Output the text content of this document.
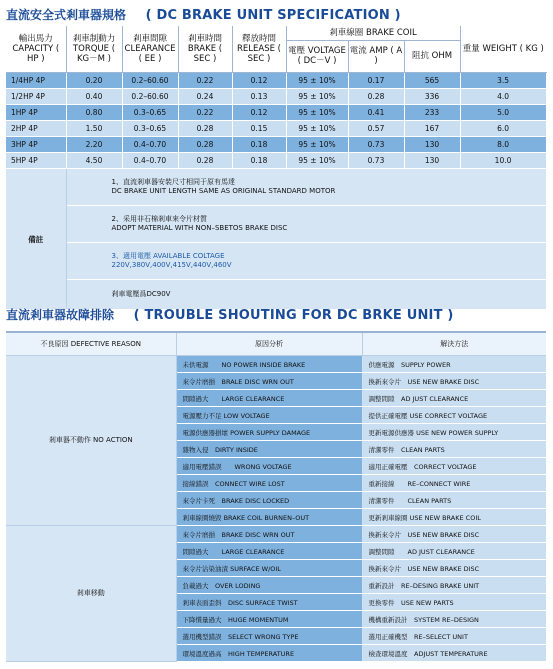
直流安全式剎車器規格 ( DC BRAKE UNIT SPECIFICATION )
輸出馬力 CAPACITY ( HP )	剎車制動力 TORQUE ( KG－M )	剎車間隙 CLEARANCE ( EE )	剎車時間 BRAKE ( SEC )	釋放時間 RELEASE ( SEC )	剎車線圈 BRAKE COIL			重量 WEIGHT ( KG )
					電壓 VOLTAGE ( DC－V )	電流 AMP ( A )	阻抗 OHM	
1/4HP 4P	0.20	0.2–60.60	0.22	0.12	95 ± 10%	0.17	565	3.5
1/2HP 4P	0.40	0.2–60.60	0.24	0.13	95 ± 10%	0.28	336	4.0
1HP 4P	0.80	0.3–0.65	0.22	0.12	95 ± 10%	0.41	233	5.0
2HP 4P	1.50	0.3–0.65	0.28	0.15	95 ± 10%	0.57	167	6.0
3HP 4P	2.20	0.4–0.70	0.28	0.18	95 ± 10%	0.73	130	8.0
5HP 4P	4.50	0.4–0.70	0.28	0.18	95 ± 10%	0.73	130	10.0
備註	1、直流剎車器安裝尺寸相同于原有馬達
DC BRAKE UNIT LENGTH SAME AS ORIGINAL STANDARD MOTOR							

	2、采用非石棉剎車來令片材質
ADOPT MATERIAL WITH NON–SBETOS BRAKE DISC							

	3、適用電壓 AVAILABLE COLTAGE
220V,380V,400V,415V,440V,460V							

	剎車電壓爲DC90V							
直流剎車器故障排除 ( TROUBLE SHOUTING FOR DC BRKE UNIT )
不良原因 DEFECTIVE REASON	原因分析	解決方法
剎車器不動作 NO ACTION	未供電源　　NO POWER INSIDE BRAKE	供應電源　SUPPLY POWER
	來令片磨損　BRALE DISC WRN OUT	換新來令片　USE NEW BRAKE DISC
	間隙過大　　LARGE CLEARANCE	調整間隙　AD JUST CLEARANCE
	電源壓力不足 LOW VOLTAGE	提供正確電壓 USE CORRECT VOLTAGE
	電源供應器損壞 POWER SUPPLY DAMAGE	更新電源供應器 USE NEW POWER SUPPLY
	雜物入侵　DIRTY INSIDE	清潔零件　CLEAN PARTS
	適用電壓錯誤　　WRONG VOLTAGE	適用正確電壓　CORRECT VOLTAGE
	接線錯誤　CONNECT WIRE LOST	重新接線　　RE–CONNECT WIRE
	來令片卡死　BRAKE DISC LOCKED	清潔零件　　CLEAN PARTS
	剎車線圈燒毀 BRAKE COIL BURNEN–OUT	更新剎車線圈 USE NEW BRAKE COIL
剎車移動	來令片磨損　BRAKE DISC WRN OUT	換新來令片　USE NEW BRAKE DISC
	間隙過大　　LARGE CLEARANCE	調整間隙　　AD JUST CLEARANCE
	來令片沾染油漬 SURFACE W/OIL	換新來令片　USE NEW BRAKE DISC
	負載過大　OVER LODING	重新設計　RE–DESING BRAKE UNIT
	剎車表面歪斜　DISC SURFACE TWIST	更換零件　USE NEW PARTS
	下降慣量過大　HUGE MOMENTUM	機構重新設計　SYSTEM RE–DESIGN
	選用機型錯誤　SELECT WRONG TYPE	選用正確機型　RE–SELECT UNIT
	環境溫度過高　HIGH TEMPERATURE	檢查環境溫度　ADJUST TEMPERATURE
